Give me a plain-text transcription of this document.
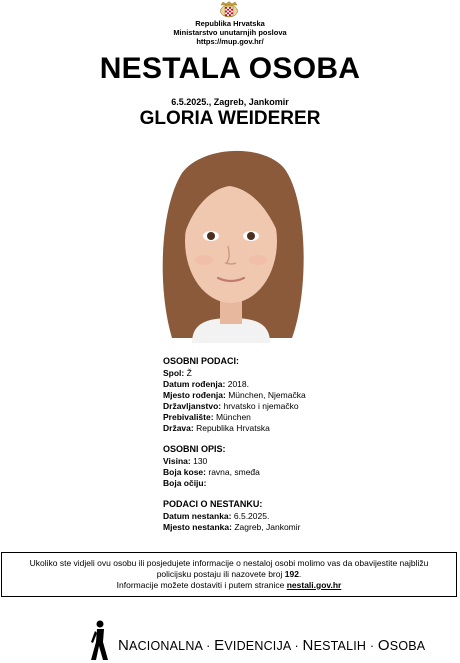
Republika Hrvatska
Ministarstvo unutarnjih poslova
https://mup.gov.hr/
NESTALA OSOBA
6.5.2025., Zagreb, Jankomir
GLORIA WEIDERER
OSOBNI PODACI:
Spol: Ž
Datum rođenja: 2018.
Mjesto rođenja: München, Njemačka
Državljanstvo: hrvatsko i njemačko
Prebivalište: München
Država: Republika Hrvatska
OSOBNI OPIS:
Visina: 130
Boja kose: ravna, smeđa
Boja očiju:
PODACI O NESTANKU:
Datum nestanka: 6.5.2025.
Mjesto nestanka: Zagreb, Jankomir
Ukoliko ste vidjeli ovu osobu ili posjedujete informacije o nestaloj osobi molimo vas da obavijestite najbližu
policijsku postaju ili nazovete broj 192.
Informacije možete dostaviti i putem stranice nestali.gov.hr
NACIONALNA · EVIDENCIJA · NESTALIH · OSOBA
